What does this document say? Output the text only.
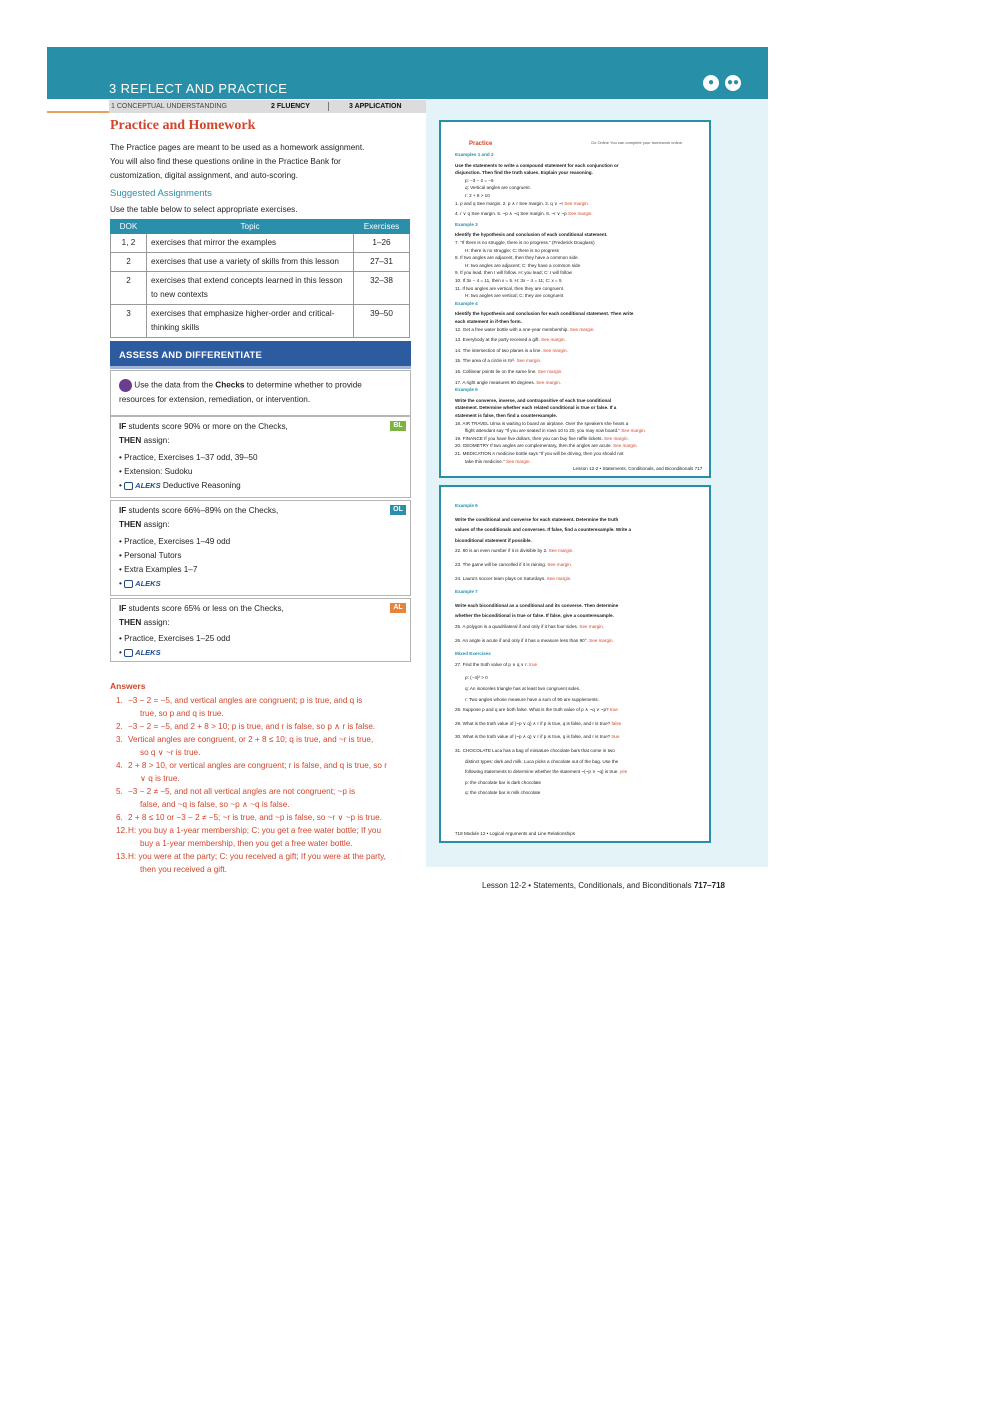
3 REFLECT AND PRACTICE	●	●●
1 CONCEPTUAL UNDERSTANDING	2 FLUENCY	3 APPLICATION
Practice and Homework
The Practice pages are meant to be used as a homework assignment.
You will also find these questions online in the Practice Bank for
customization, digital assignment, and auto-scoring.
Suggested Assignments
Use the table below to select appropriate exercises.
DOK	Topic	Exercises
1, 2	exercises that mirror the examples	1–26
2	exercises that use a variety of skills from this lesson	27–31
2	exercises that extend concepts learned in this lesson to new contexts	32–38
3	exercises that emphasize higher-order and critical-thinking skills	39–50
ASSESS AND DIFFERENTIATE
Use the data from the Checks to determine whether to provide
resources for extension, remediation, or intervention.
BL
IF students score 90% or more on the Checks,
THEN assign:
• Practice, Exercises 1–37 odd, 39–50
• Extension: Sudoku
• ALEKS Deductive Reasoning
OL
IF students score 66%–89% on the Checks,
THEN assign:
• Practice, Exercises 1–49 odd
• Personal Tutors
• Extra Examples 1–7
• ALEKS
AL
IF students score 65% or less on the Checks,
THEN assign:
• Practice, Exercises 1–25 odd
• ALEKS
Answers
1. −3 − 2 = −5, and vertical angles are congruent; p is true, and q is
true, so p and q is true.
2. −3 − 2 = −5, and 2 + 8 > 10; p is true, and r is false, so p ∧ r is false.
3. Vertical angles are congruent, or 2 + 8 ≤ 10; q is true, and ~r is true,
so q ∨ ~r is true.
4. 2 + 8 > 10, or vertical angles are congruent; r is false, and q is true, so r
∨ q is true.
5. −3 − 2 ≠ −5, and not all vertical angles are not congruent; ~p is
false, and ~q is false, so ~p ∧ ~q is false.
6. 2 + 8 ≤ 10 or −3 − 2 ≠ −5; ~r is true, and ~p is false, so ~r ∨ ~p is true.
12.H: you buy a 1-year membership; C: you get a free water bottle; If you
buy a 1-year membership, then you get a free water bottle.
13.H: you were at the party; C: you received a gift; If you were at the party,
then you received a gift.
Practice	Go Online You can complete your homework online.
Examples 1 and 2
Use the statements to write a compound statement for each conjunction or
disjunction. Then find the truth values. Explain your reasoning.
p: −3 − 2 = −5
q: Vertical angles are congruent.
r: 2 + 8 > 10
1. p and q See margin. 2. p ∧ r See margin. 3. q ∨ ~r See margin.
4. r ∨ q See margin. 5. ~p ∧ ~q See margin. 6. ~r ∨ ~p See margin.
Example 3
Identify the hypothesis and conclusion of each conditional statement.
7. "If there is no struggle, there is no progress." (Frederick Douglass)
H: there is no struggle; C: there is no progress
8. If two angles are adjacent, then they have a common side.
H: two angles are adjacent; C: they have a common side
9. If you lead, then I will follow. H: you lead; C: I will follow
10. If 3x − 4 = 11, then x = 5. H: 3x − 4 = 11; C: x = 5
11. If two angles are vertical, then they are congruent.
H: two angles are vertical; C: they are congruent
Example 4
Identify the hypothesis and conclusion for each conditional statement. Then write
each statement in if-then form.
12. Get a free water bottle with a one-year membership. See margin.
13. Everybody at the party received a gift. See margin.
14. The intersection of two planes is a line. See margin.
15. The area of a circle is πr². See margin.
16. Collinear points lie on the same line. See margin.
17. A right angle measures 90 degrees. See margin.
Example 5
Write the converse, inverse, and contrapositive of each true conditional
statement. Determine whether each related conditional is true or false. If a
statement is false, then find a counterexample.
18. AIR TRAVEL Ulma is waiting to board an airplane. Over the speakers she hears a
flight attendant say "If you are seated in rows 10 to 20, you may now board." See margin.
19. FINANCE If you have five dollars, then you can buy five raffle tickets. See margin.
20. GEOMETRY If two angles are complementary, then the angles are acute. See margin.
21. MEDICATION A medicine bottle says "If you will be driving, then you should not
take this medicine." See margin.
Lesson 12-2 • Statements, Conditionals, and Biconditionals 717
Example 6
Write the conditional and converse for each statement. Determine the truth
values of the conditionals and converses. If false, find a counterexample. Write a
biconditional statement if possible.
22. 80 is an even number if it is divisible by 2. See margin.
23. The game will be cancelled if it is raining. See margin.
24. Laura's soccer team plays on Saturdays. See margin.
Example 7
Write each biconditional as a conditional and its converse. Then determine
whether the biconditional is true or false. If false, give a counterexample.
25. A polygon is a quadrilateral if and only if it has four sides. See margin.
26. An angle is acute if and only if it has a measure less than 90°. See margin.
Mixed Exercises
27. Find the truth value of p ∧ q ∨ r. true
p: (−4)² > 0
q: An isosceles triangle has at least two congruent sides.
r: Two angles whose measure have a sum of 90 are supplements.
28. Suppose p and q are both false. What is the truth value of p ∧ ~q ∨ ~p? true
29. What is the truth value of (~p ∨ q) ∧ r if p is true, q is false, and r is true? false
30. What is the truth value of (~p ∧ q) ∨ r if p is true, q is false, and r is true? true
31. CHOCOLATE Luca has a bag of miniature chocolate bars that come in two
distinct types: dark and milk. Luca picks a chocolate out of the bag. Use the
following statements to determine whether the statement ~(~p ∨ ~q) is true. yes
p: the chocolate bar is dark chocolate
q: the chocolate bar is milk chocolate
718 Module 12 • Logical Arguments and Line Relationships
Lesson 12-2 • Statements, Conditionals, and Biconditionals 717–718
